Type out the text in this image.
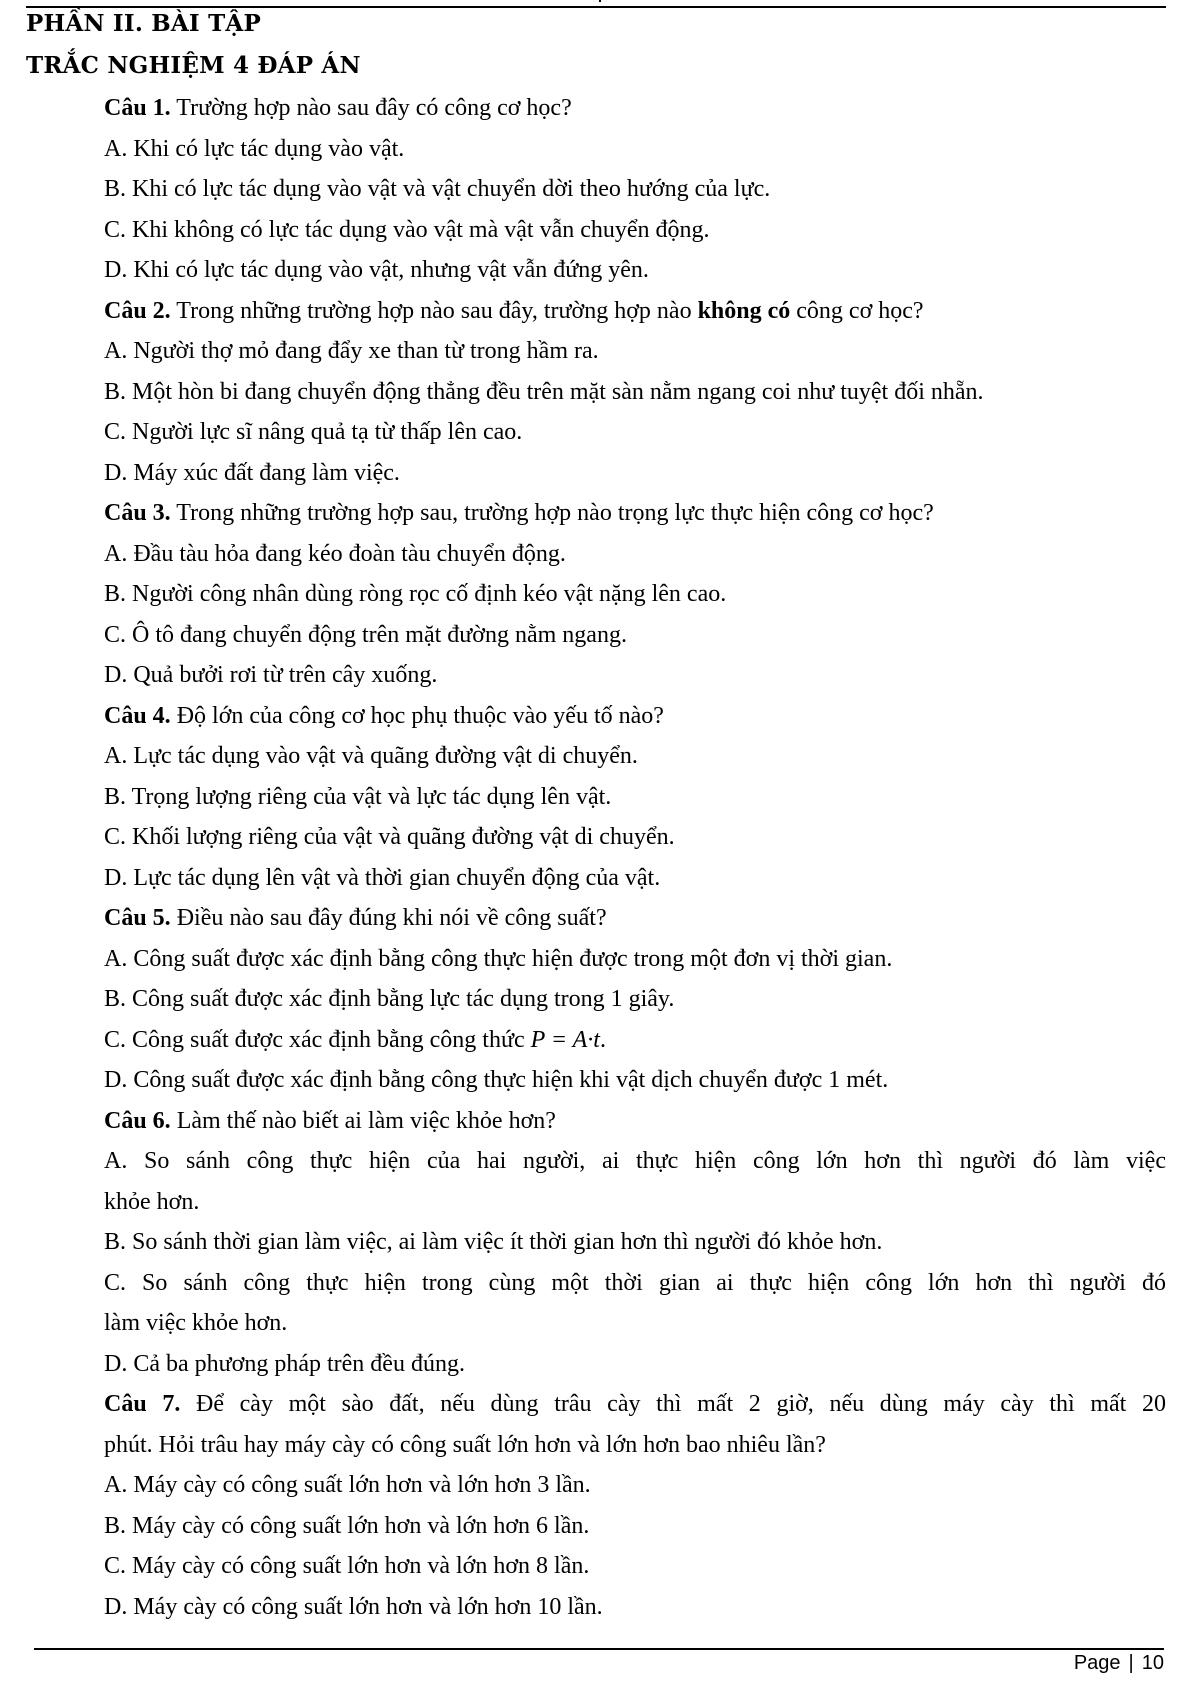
PHẦN II. BÀI TẬP
TRẮC NGHIỆM 4 ĐÁP ÁN
Câu 1. Trường hợp nào sau đây có công cơ học?
A. Khi có lực tác dụng vào vật.
B. Khi có lực tác dụng vào vật và vật chuyển dời theo hướng của lực.
C. Khi không có lực tác dụng vào vật mà vật vẫn chuyển động.
D. Khi có lực tác dụng vào vật, nhưng vật vẫn đứng yên.
Câu 2. Trong những trường hợp nào sau đây, trường hợp nào không có công cơ học?
A. Người thợ mỏ đang đẩy xe than từ trong hầm ra.
B. Một hòn bi đang chuyển động thẳng đều trên mặt sàn nằm ngang coi như tuyệt đối nhẵn.
C. Người lực sĩ nâng quả tạ từ thấp lên cao.
D. Máy xúc đất đang làm việc.
Câu 3. Trong những trường hợp sau, trường hợp nào trọng lực thực hiện công cơ học?
A. Đầu tàu hỏa đang kéo đoàn tàu chuyển động.
B. Người công nhân dùng ròng rọc cố định kéo vật nặng lên cao.
C. Ô tô đang chuyển động trên mặt đường nằm ngang.
D. Quả bưởi rơi từ trên cây xuống.
Câu 4. Độ lớn của công cơ học phụ thuộc vào yếu tố nào?
A. Lực tác dụng vào vật và quãng đường vật di chuyển.
B. Trọng lượng riêng của vật và lực tác dụng lên vật.
C. Khối lượng riêng của vật và quãng đường vật di chuyển.
D. Lực tác dụng lên vật và thời gian chuyển động của vật.
Câu 5. Điều nào sau đây đúng khi nói về công suất?
A. Công suất được xác định bằng công thực hiện được trong một đơn vị thời gian.
B. Công suất được xác định bằng lực tác dụng trong 1 giây.
C. Công suất được xác định bằng công thức P = A·t.
D. Công suất được xác định bằng công thực hiện khi vật dịch chuyển được 1 mét.
Câu 6. Làm thế nào biết ai làm việc khỏe hơn?
A. So sánh công thực hiện của hai người, ai thực hiện công lớn hơn thì người đó làm việc
khỏe hơn.
B. So sánh thời gian làm việc, ai làm việc ít thời gian hơn thì người đó khỏe hơn.
C. So sánh công thực hiện trong cùng một thời gian ai thực hiện công lớn hơn thì người đó
làm việc khỏe hơn.
D. Cả ba phương pháp trên đều đúng.
Câu 7. Để cày một sào đất, nếu dùng trâu cày thì mất 2 giờ, nếu dùng máy cày thì mất 20
phút. Hỏi trâu hay máy cày có công suất lớn hơn và lớn hơn bao nhiêu lần?
A. Máy cày có công suất lớn hơn và lớn hơn 3 lần.
B. Máy cày có công suất lớn hơn và lớn hơn 6 lần.
C. Máy cày có công suất lớn hơn và lớn hơn 8 lần.
D. Máy cày có công suất lớn hơn và lớn hơn 10 lần.
Page | 10
